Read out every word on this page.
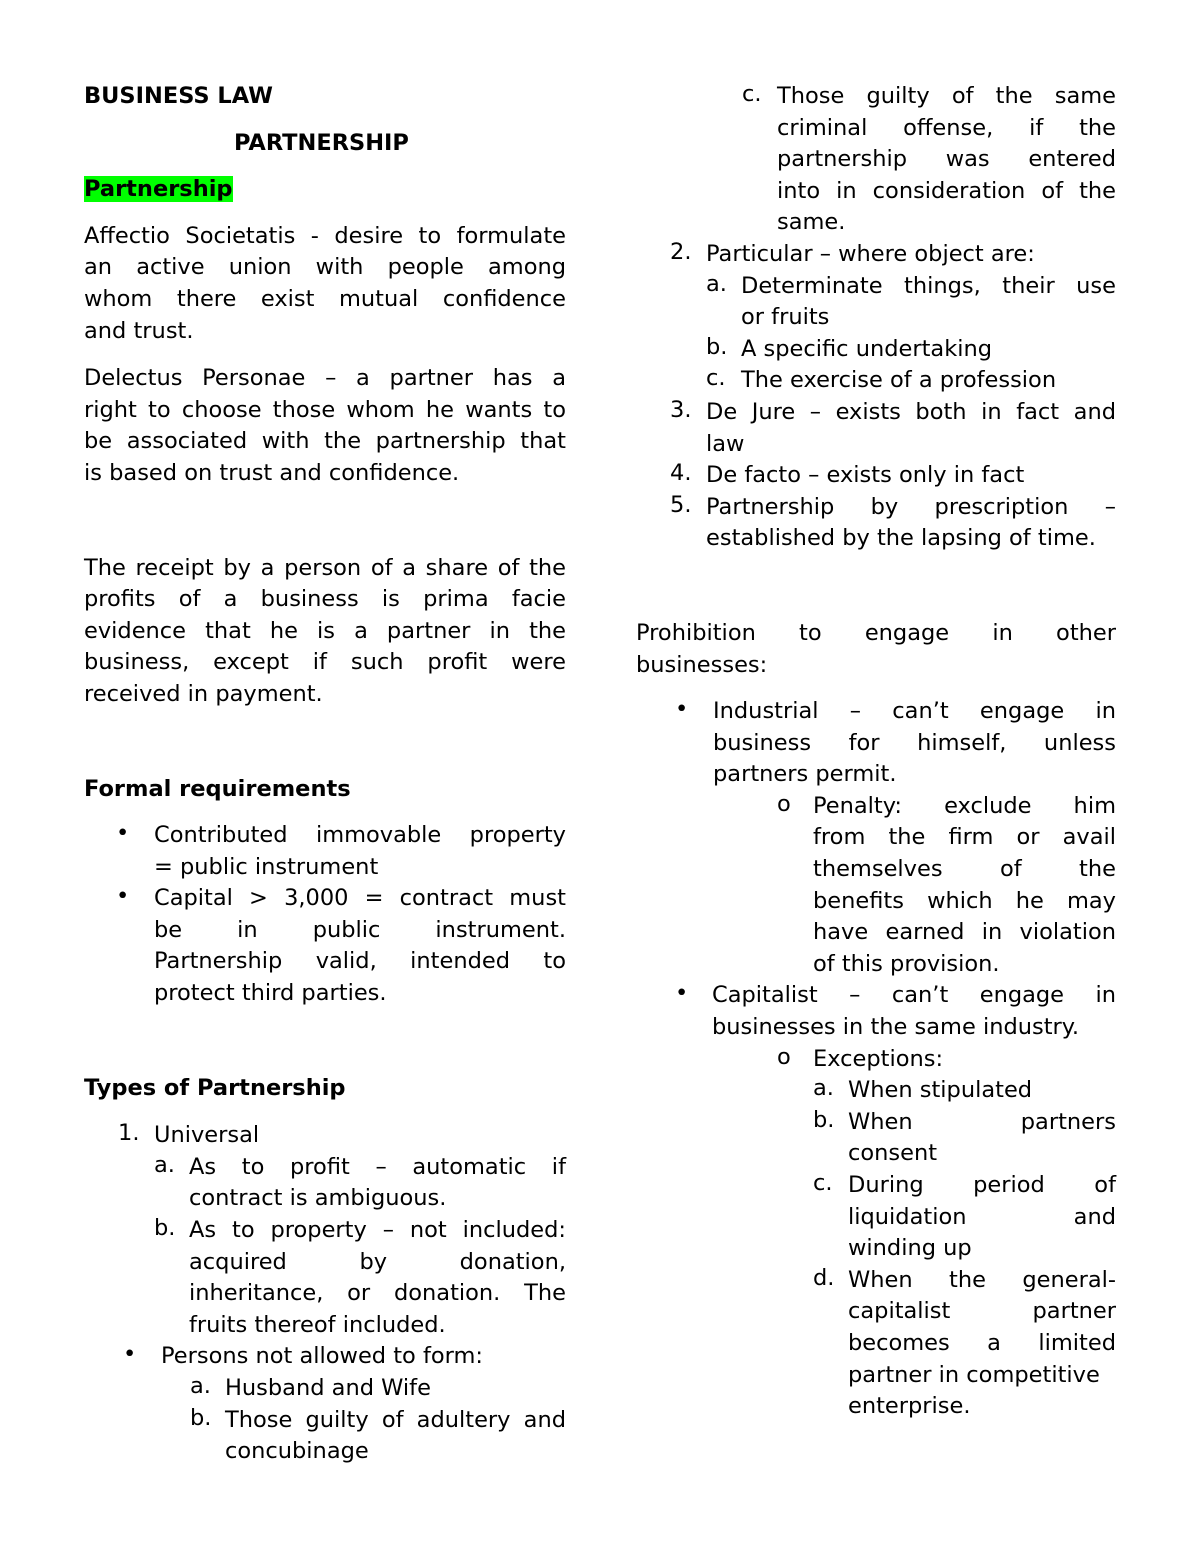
BUSINESS LAW
PARTNERSHIP
Partnership
Affectio Societatis - desire to formulate
an active union with people among
whom there exist mutual confidence
and trust.
Delectus Personae – a partner has a
right to choose those whom he wants to
be associated with the partnership that
is based on trust and confidence.
The receipt by a person of a share of the
profits of a business is prima facie
evidence that he is a partner in the
business, except if such profit were
received in payment.
Formal requirements
• Contributed immovable property
= public instrument
• Capital > 3,000 = contract must
be in public instrument.
Partnership valid, intended to
protect third parties.
Types of Partnership
1. Universal
a. As to profit – automatic if
contract is ambiguous.
b. As to property – not included:
acquired by donation,
inheritance, or donation. The
fruits thereof included.
• Persons not allowed to form:
a. Husband and Wife
b. Those guilty of adultery and
concubinage
c. Those guilty of the same
criminal offense, if the
partnership was entered
into in consideration of the
same.
2. Particular – where object are:
a. Determinate things, their use
or fruits
b. A specific undertaking
c. The exercise of a profession
3. De Jure – exists both in fact and
law
4. De facto – exists only in fact
5. Partnership by prescription –
established by the lapsing of time.
Prohibition to engage in other
businesses:
• Industrial – can’t engage in
business for himself, unless
partners permit.
o Penalty: exclude him
from the firm or avail
themselves of the
benefits which he may
have earned in violation
of this provision.
• Capitalist – can’t engage in
businesses in the same industry.
o Exceptions:
a. When stipulated
b. When partners
consent
c. During period of
liquidation and
winding up
d. When the general-
capitalist partner
becomes a limited
partner in competitive
enterprise.
